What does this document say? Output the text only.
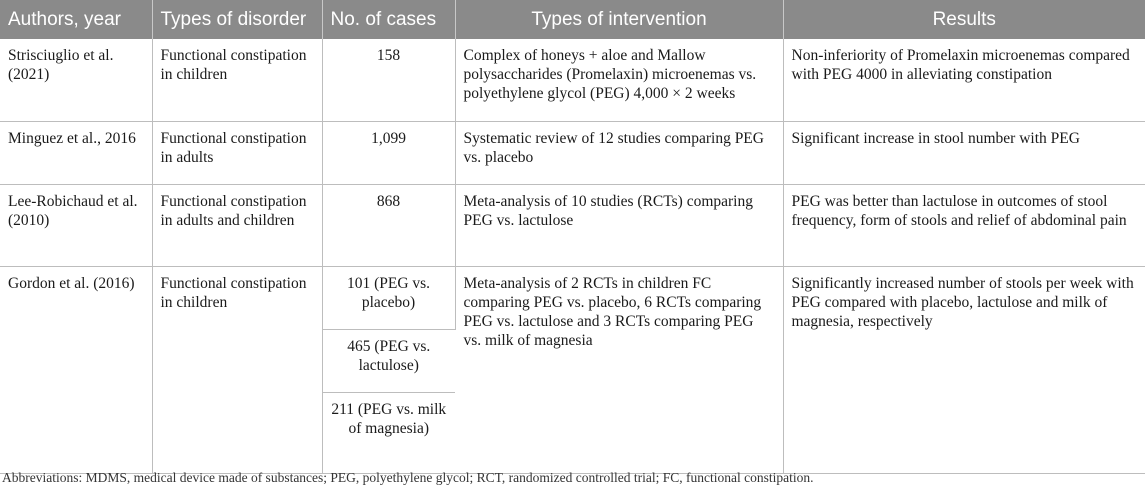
Authors, year	Types of disorder	No. of cases	Types of intervention	Results
Strisciuglio et al. (2021)	Functional constipation in children	158	Complex of honeys + aloe and Mallow polysaccharides (Promelaxin) microenemas vs. polyethylene glycol (PEG) 4,000 × 2 weeks	Non-inferiority of Promelaxin microenemas compared with PEG 4000 in alleviating constipation
Minguez et al., 2016	Functional constipation in adults	1,099	Systematic review of 12 studies comparing PEG vs. placebo	Significant increase in stool number with PEG
Lee-Robichaud et al. (2010)	Functional constipation in adults and children	868	Meta-analysis of 10 studies (RCTs) comparing PEG vs. lactulose	PEG was better than lactulose in outcomes of stool frequency, form of stools and relief of abdominal pain
Gordon et al. (2016)	Functional constipation in children	101 (PEG vs. placebo)	Meta-analysis of 2 RCTs in children FC comparing PEG vs. placebo, 6 RCTs comparing PEG vs. lactulose and 3 RCTs comparing PEG vs. milk of magnesia	Significantly increased number of stools per week with PEG compared with placebo, lactulose and milk of magnesia, respectively
		465 (PEG vs. lactulose)		
		211 (PEG vs. milk of magnesia)		
Abbreviations: MDMS, medical device made of substances; PEG, polyethylene glycol; RCT, randomized controlled trial; FC, functional constipation.
